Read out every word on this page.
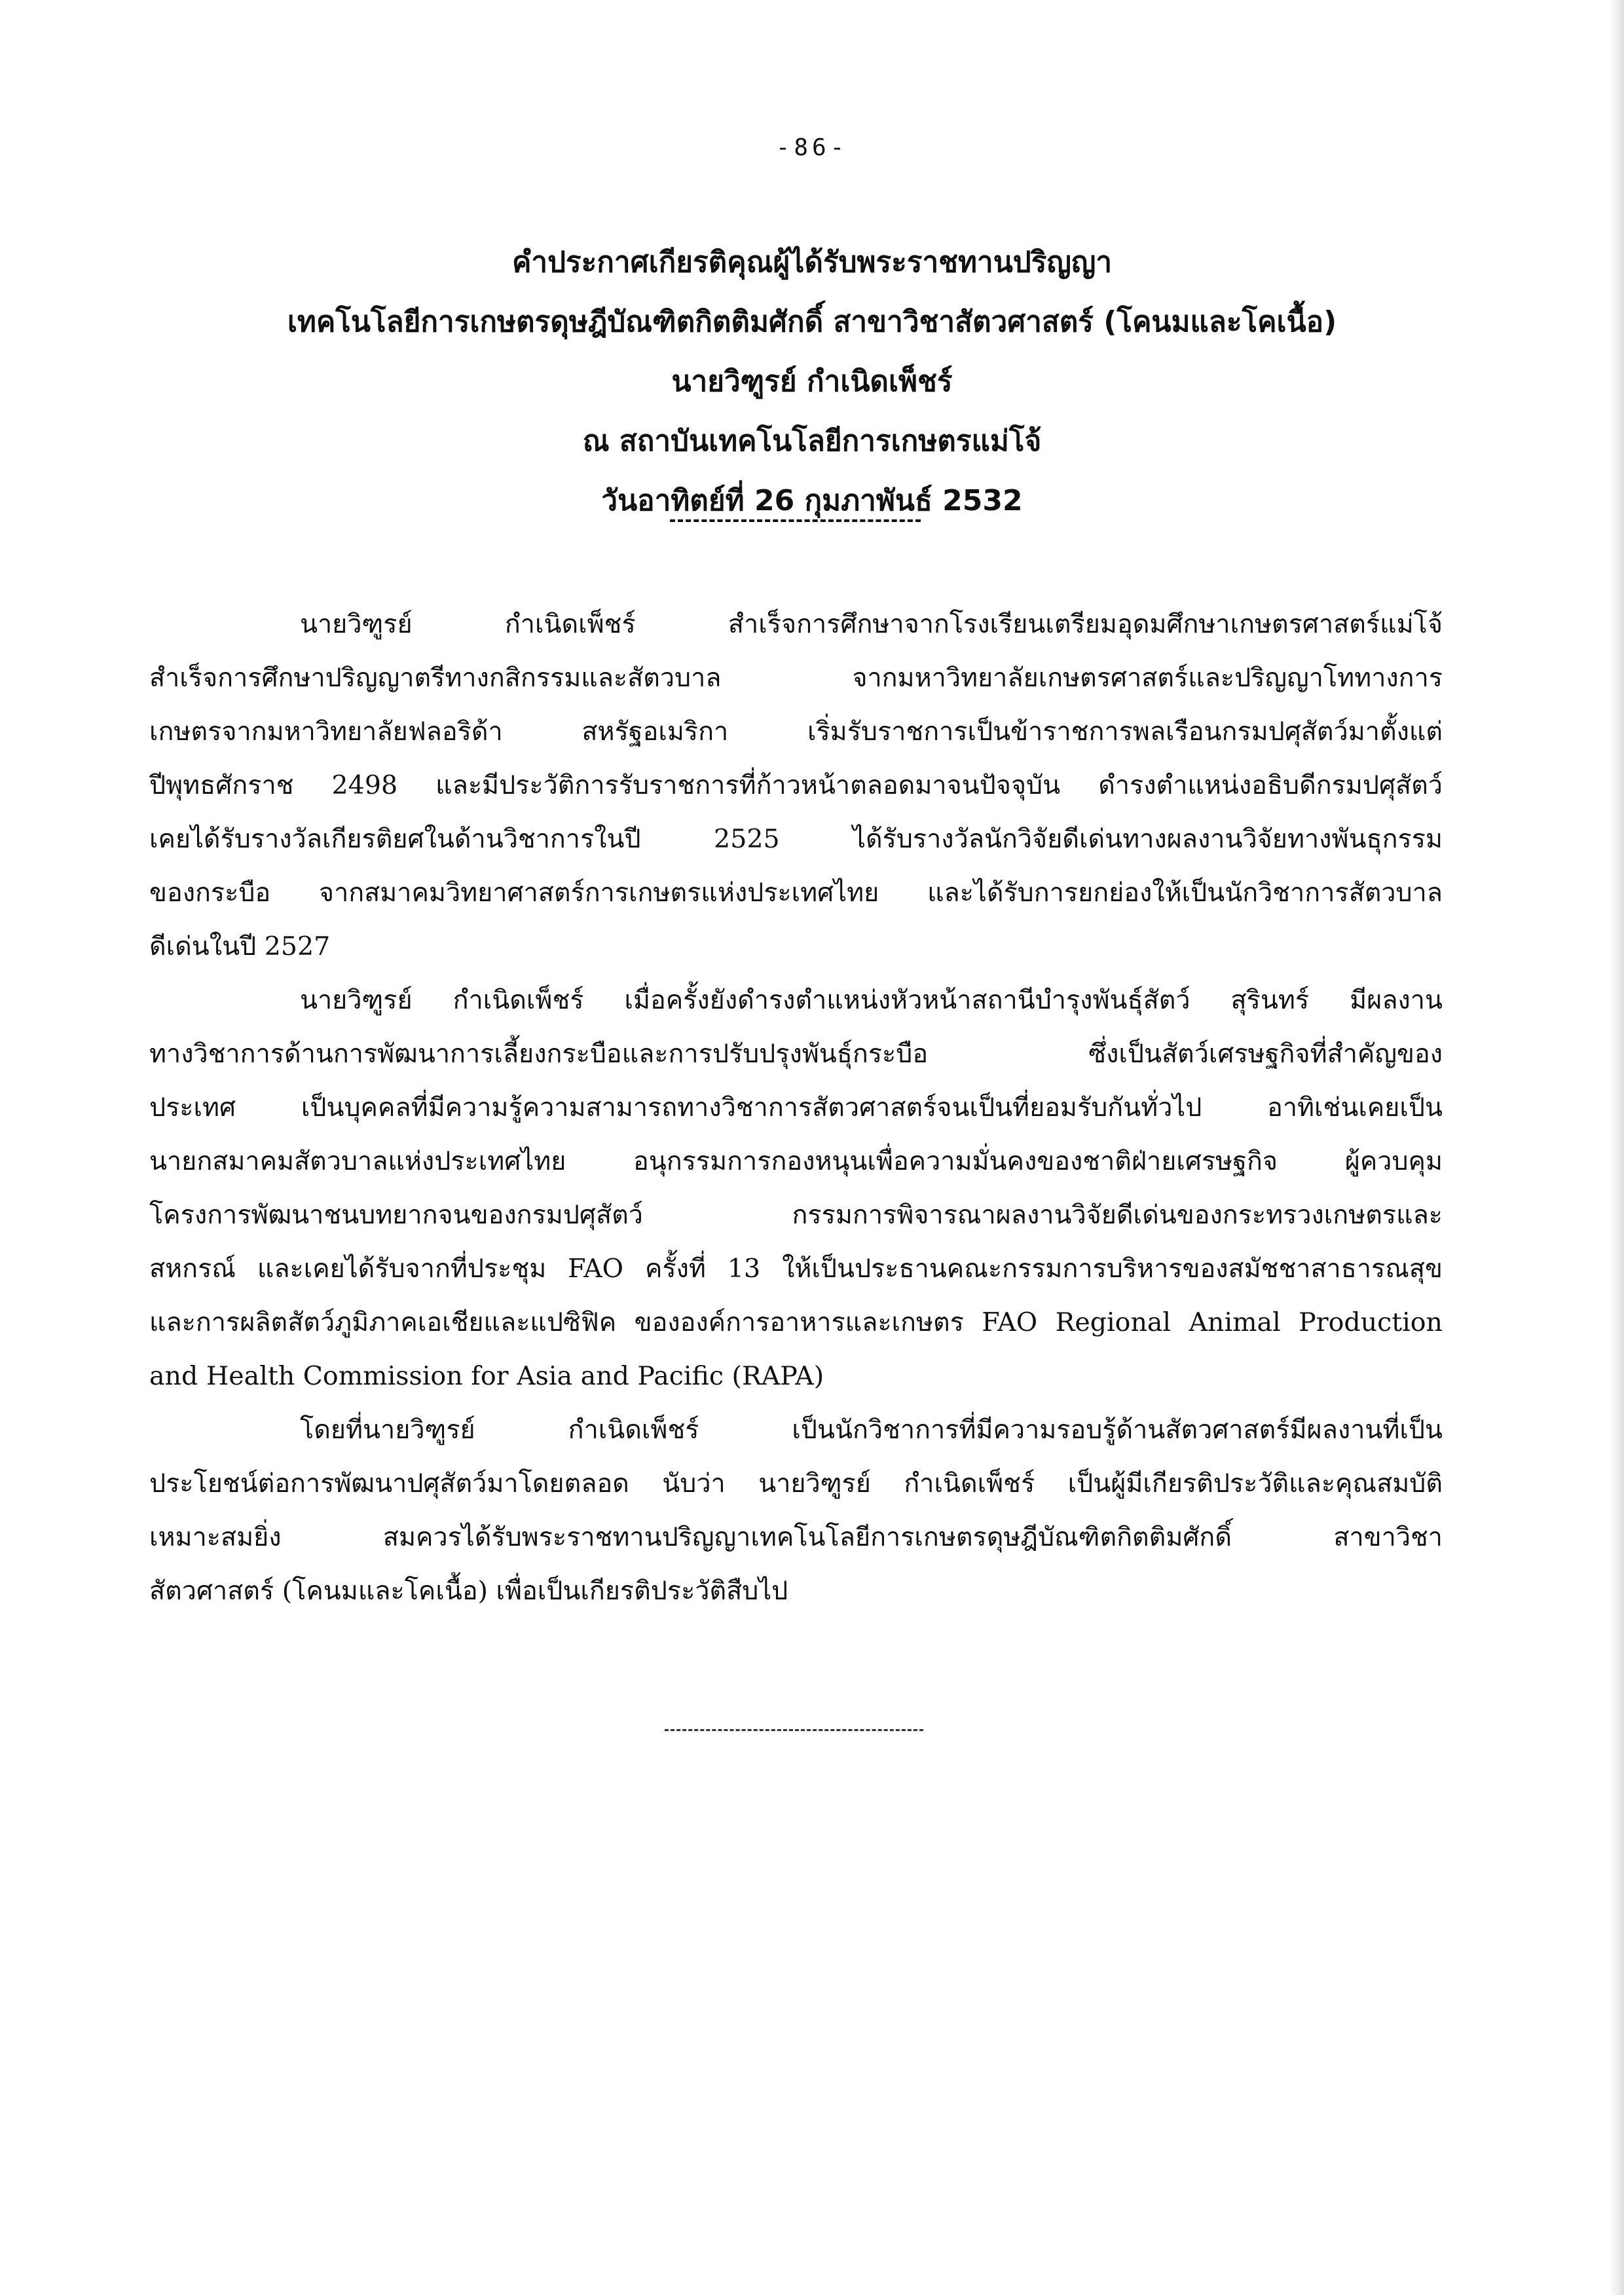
-86-
คำประกาศเกียรติคุณผู้ได้รับพระราชทานปริญญา
เทคโนโลยีการเกษตรดุษฎีบัณฑิตกิตติมศักดิ์ สาขาวิชาสัตวศาสตร์ (โคนมและโคเนื้อ)
นายวิฑูรย์ กำเนิดเพ็ชร์
ณ สถาบันเทคโนโลยีการเกษตรแม่โจ้
วันอาทิตย์ที่ 26 กุมภาพันธ์ 2532
นายวิฑูรย์ กำเนิดเพ็ชร์ สำเร็จการศึกษาจากโรงเรียนเตรียมอุดมศึกษาเกษตรศาสตร์แม่โจ้
สำเร็จการศึกษาปริญญาตรีทางกสิกรรมและสัตวบาล จากมหาวิทยาลัยเกษตรศาสตร์และปริญญาโททางการ
เกษตรจากมหาวิทยาลัยฟลอริด้า สหรัฐอเมริกา เริ่มรับราชการเป็นข้าราชการพลเรือนกรมปศุสัตว์มาตั้งแต่
ปีพุทธศักราช 2498 และมีประวัติการรับราชการที่ก้าวหน้าตลอดมาจนปัจจุบัน ดำรงตำแหน่งอธิบดีกรมปศุสัตว์
เคยได้รับรางวัลเกียรติยศในด้านวิชาการในปี 2525 ได้รับรางวัลนักวิจัยดีเด่นทางผลงานวิจัยทางพันธุกรรม
ของกระบือ จากสมาคมวิทยาศาสตร์การเกษตรแห่งประเทศไทย และได้รับการยกย่องให้เป็นนักวิชาการสัตวบาล
ดีเด่นในปี 2527
นายวิฑูรย์ กำเนิดเพ็ชร์ เมื่อครั้งยังดำรงตำแหน่งหัวหน้าสถานีบำรุงพันธุ์สัตว์ สุรินทร์ มีผลงาน
ทางวิชาการด้านการพัฒนาการเลี้ยงกระบือและการปรับปรุงพันธุ์กระบือ ซึ่งเป็นสัตว์เศรษฐกิจที่สำคัญของ
ประเทศ เป็นบุคคลที่มีความรู้ความสามารถทางวิชาการสัตวศาสตร์จนเป็นที่ยอมรับกันทั่วไป อาทิเช่นเคยเป็น
นายกสมาคมสัตวบาลแห่งประเทศไทย อนุกรรมการกองหนุนเพื่อความมั่นคงของชาติฝ่ายเศรษฐกิจ ผู้ควบคุม
โครงการพัฒนาชนบทยากจนของกรมปศุสัตว์ กรรมการพิจารณาผลงานวิจัยดีเด่นของกระทรวงเกษตรและ
สหกรณ์ และเคยได้รับจากที่ประชุม FAO ครั้งที่ 13 ให้เป็นประธานคณะกรรมการบริหารของสมัชชาสาธารณสุข
และการผลิตสัตว์ภูมิภาคเอเชียและแปซิฟิค ขององค์การอาหารและเกษตร FAO Regional Animal Production
and Health Commission for Asia and Pacific (RAPA)
โดยที่นายวิฑูรย์ กำเนิดเพ็ชร์ เป็นนักวิชาการที่มีความรอบรู้ด้านสัตวศาสตร์มีผลงานที่เป็น
ประโยชน์ต่อการพัฒนาปศุสัตว์มาโดยตลอด นับว่า นายวิฑูรย์ กำเนิดเพ็ชร์ เป็นผู้มีเกียรติประวัติและคุณสมบัติ
เหมาะสมยิ่ง สมควรได้รับพระราชทานปริญญาเทคโนโลยีการเกษตรดุษฎีบัณฑิตกิตติมศักดิ์ สาขาวิชา
สัตวศาสตร์ (โคนมและโคเนื้อ) เพื่อเป็นเกียรติประวัติสืบไป
